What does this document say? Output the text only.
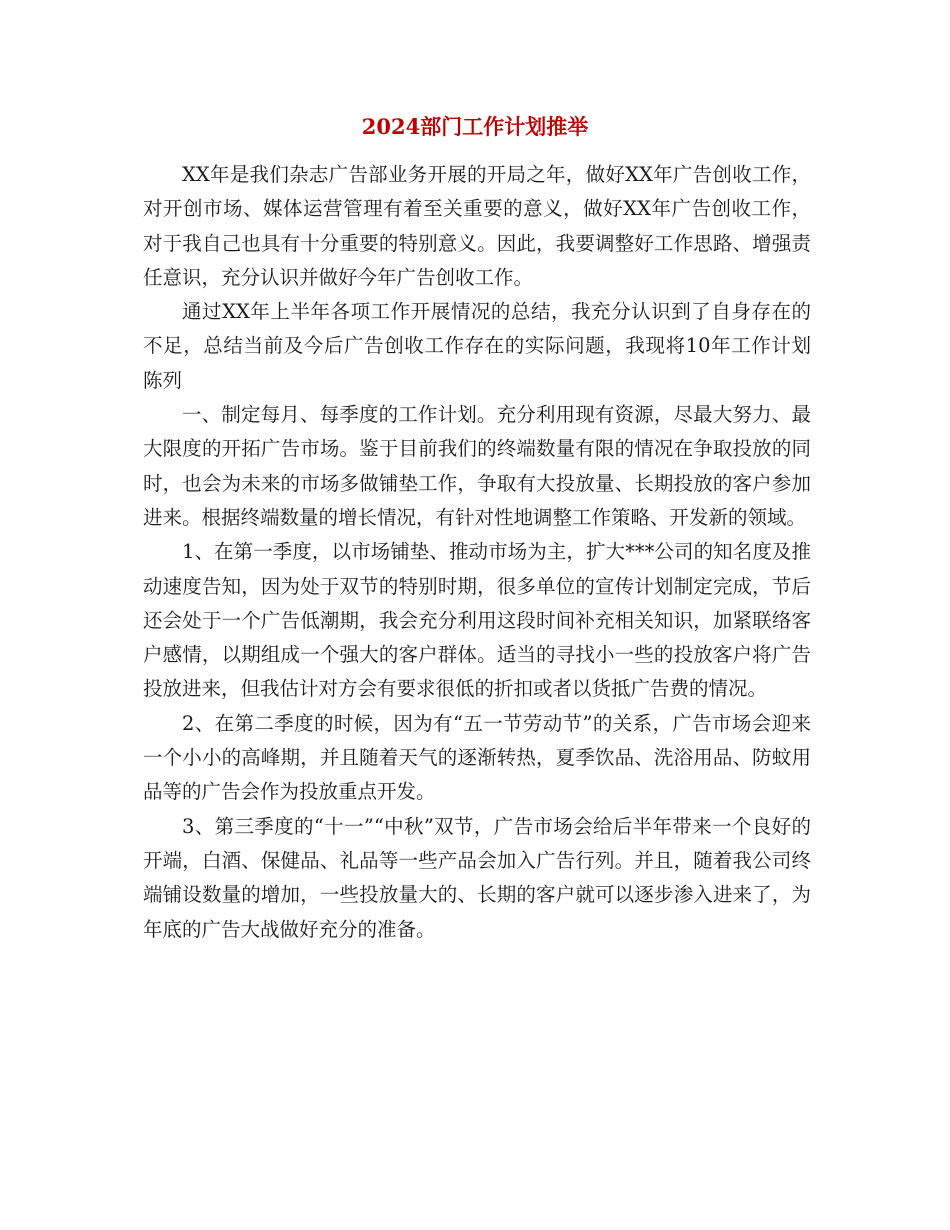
2024部门工作计划推举

XX年是我们杂志广告部业务开展的开局之年，做好XX年广告创收工作，对开创市场、媒体运营管理有着至关重要的意义，做好XX年广告创收工作，对于我自己也具有十分重要的特别意义。因此，我要调整好工作思路、增强责任意识，充分认识并做好今年广告创收工作。

通过XX年上半年各项工作开展情况的总结，我充分认识到了自身存在的不足，总结当前及今后广告创收工作存在的实际问题，我现将10年工作计划陈列

一、制定每月、每季度的工作计划。充分利用现有资源，尽最大努力、最大限度的开拓广告市场。鉴于目前我们的终端数量有限的情况在争取投放的同时，也会为未来的市场多做铺垫工作，争取有大投放量、长期投放的客户参加进来。根据终端数量的增长情况，有针对性地调整工作策略、开发新的领域。

1、在第一季度，以市场铺垫、推动市场为主，扩大***公司的知名度及推动速度告知，因为处于双节的特别时期，很多单位的宣传计划制定完成，节后还会处于一个广告低潮期，我会充分利用这段时间补充相关知识，加紧联络客户感情，以期组成一个强大的客户群体。适当的寻找小一些的投放客户将广告投放进来，但我估计对方会有要求很低的折扣或者以货抵广告费的情况。

2、在第二季度的时候，因为有“五一节劳动节”的关系，广告市场会迎来一个小小的高峰期，并且随着天气的逐渐转热，夏季饮品、洗浴用品、防蚊用品等的广告会作为投放重点开发。

3、第三季度的“十一”“中秋”双节，广告市场会给后半年带来一个良好的开端，白酒、保健品、礼品等一些产品会加入广告行列。并且，随着我公司终端铺设数量的增加，一些投放量大的、长期的客户就可以逐步渗入进来了，为年底的广告大战做好充分的准备。
